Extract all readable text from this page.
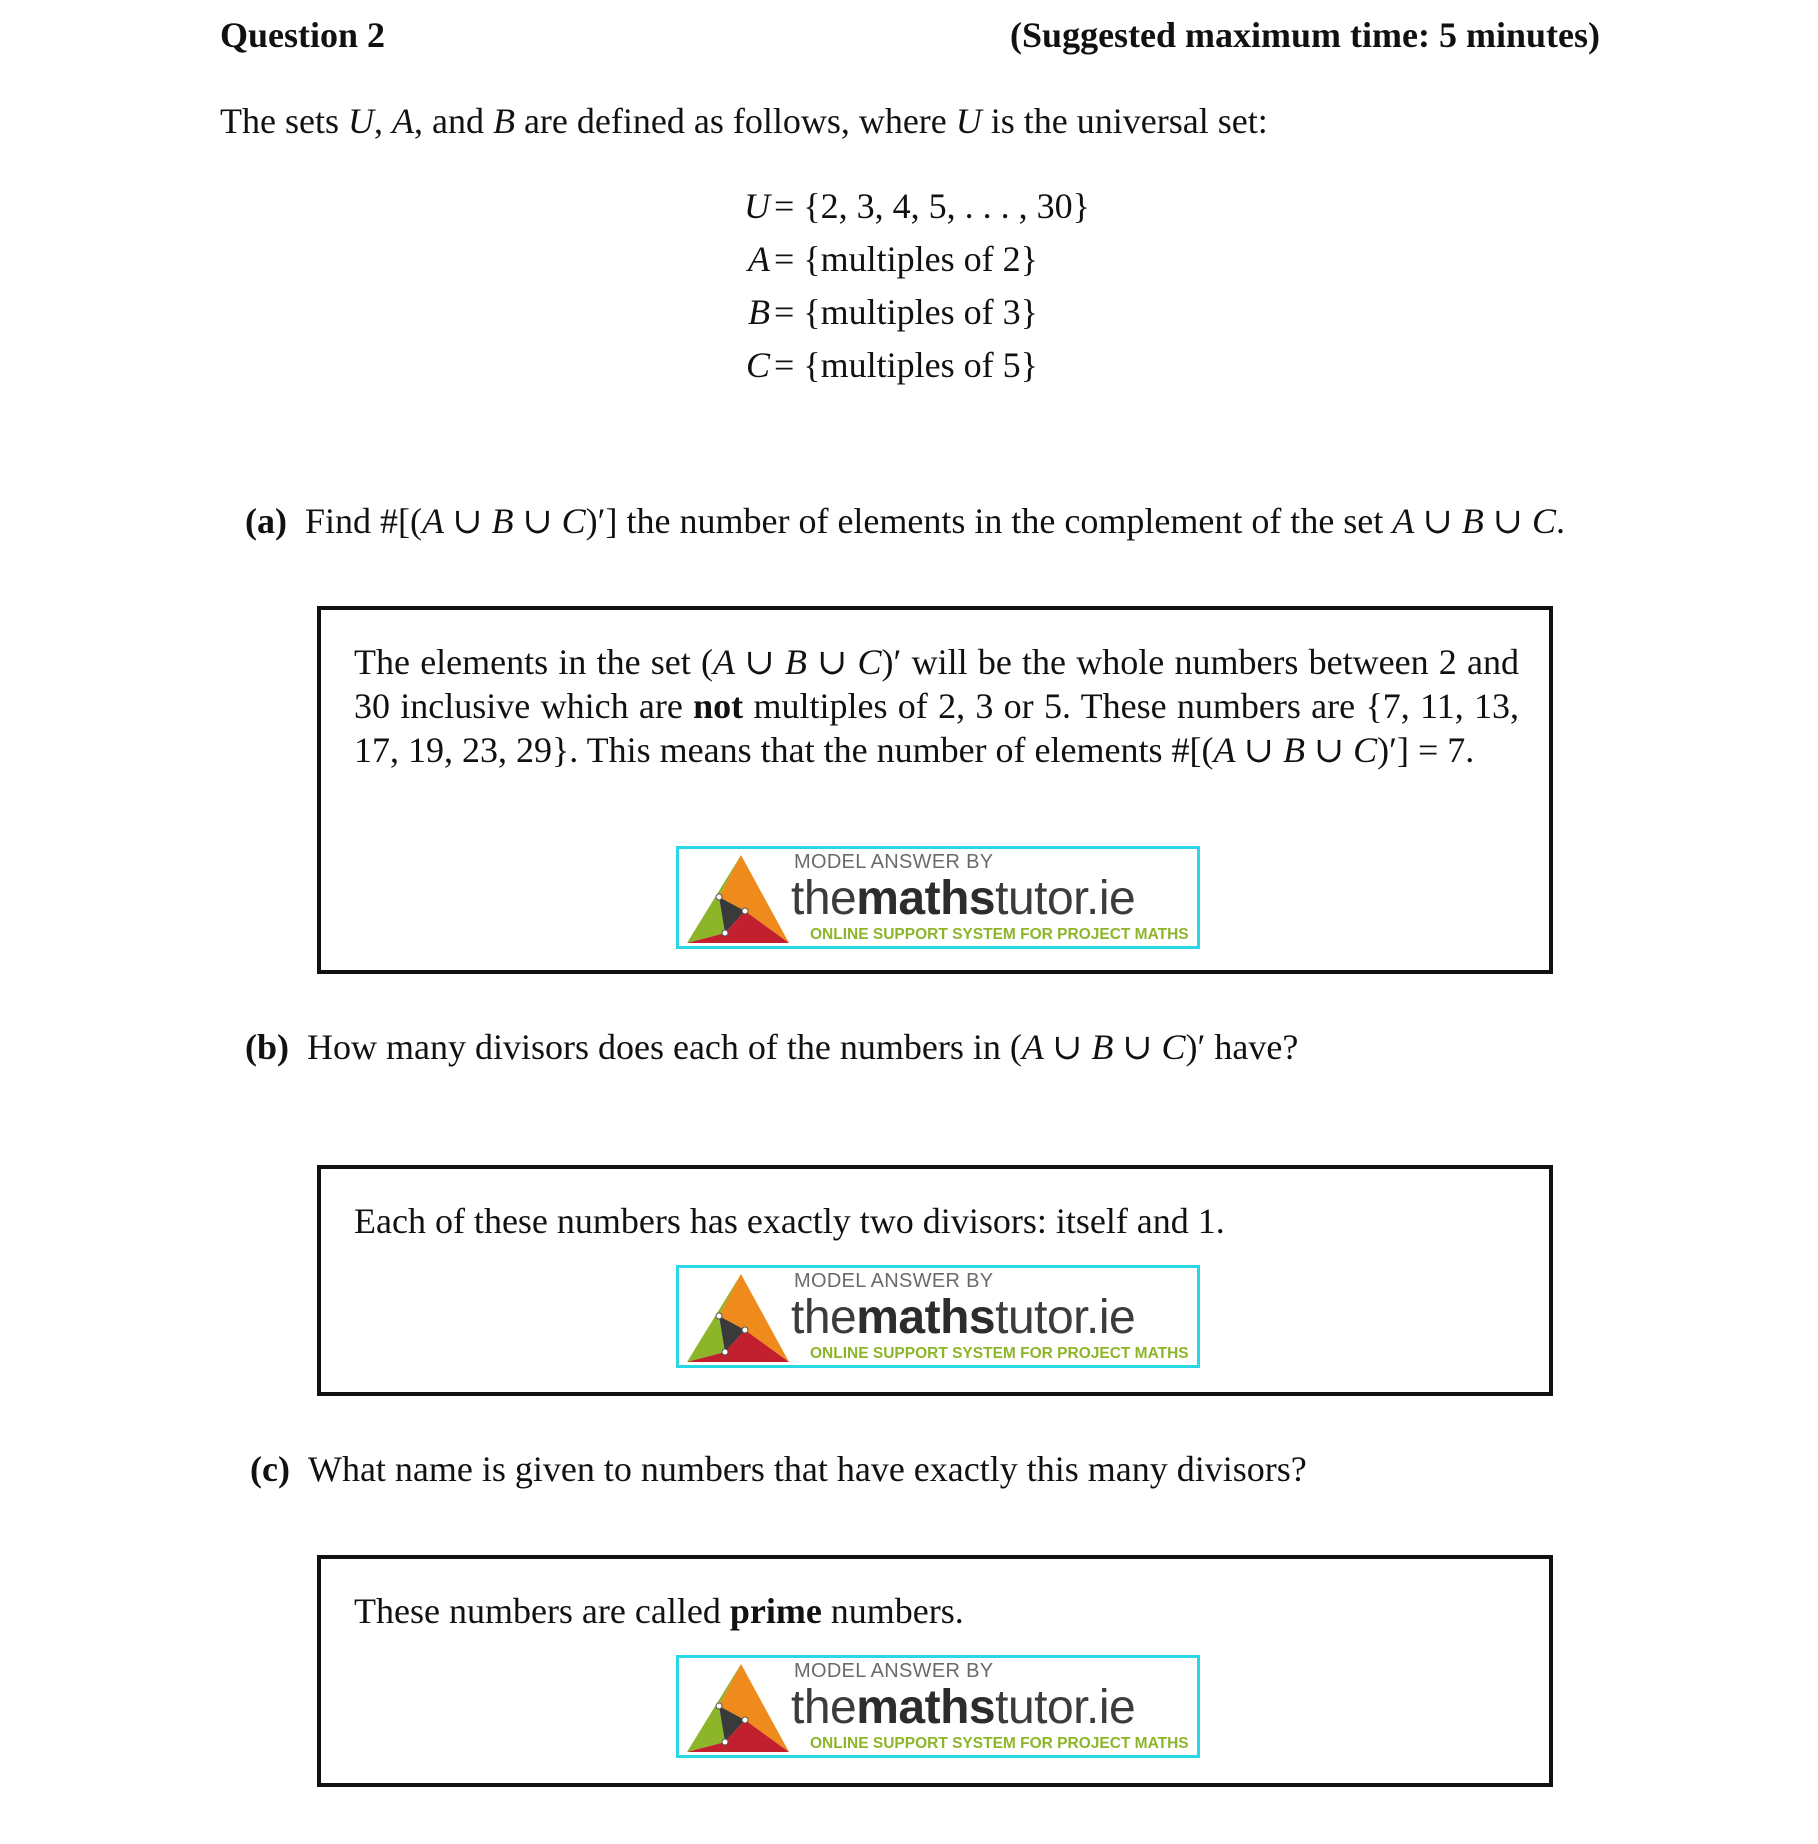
Question 2	(Suggested maximum time: 5 minutes)
The sets U, A, and B are defined as follows, where U is the universal set:
U = {2, 3, 4, 5, . . . , 30}
A = {multiples of 2}
B = {multiples of 3}
C = {multiples of 5}
(a) Find #[(A ∪ B ∪ C)′] the number of elements in the complement of the set A ∪ B ∪ C.
The elements in the set (A ∪ B ∪ C)′ will be the whole numbers between 2 and 30 inclusive which are not multiples of 2, 3 or 5. These numbers are {7, 11, 13, 17, 19, 23, 29}. This means that the number of elements #[(A ∪ B ∪ C)′] = 7.
MODEL ANSWER BY
themathstutor.ie
ONLINE SUPPORT SYSTEM FOR PROJECT MATHS
(b) How many divisors does each of the numbers in (A ∪ B ∪ C)′ have?
Each of these numbers has exactly two divisors: itself and 1.
MODEL ANSWER BY
themathstutor.ie
ONLINE SUPPORT SYSTEM FOR PROJECT MATHS
(c) What name is given to numbers that have exactly this many divisors?
These numbers are called prime numbers.
MODEL ANSWER BY
themathstutor.ie
ONLINE SUPPORT SYSTEM FOR PROJECT MATHS
